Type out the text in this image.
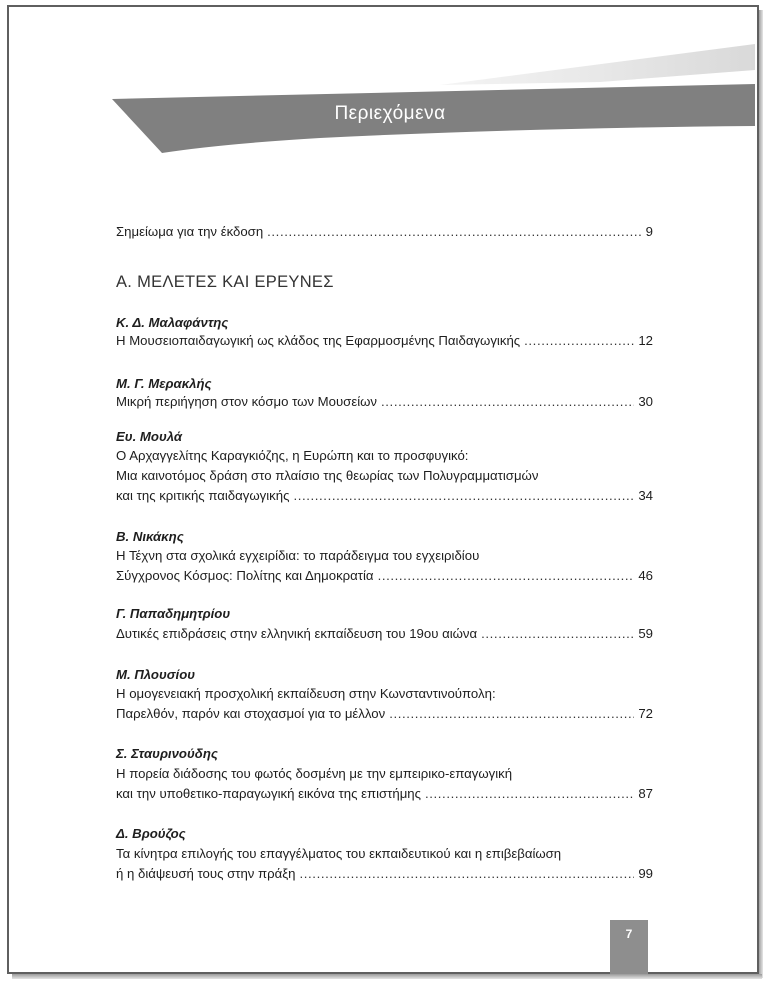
Περιεχόμενα
Σημείωμα για την έκδοση .....	9
Α. ΜΕΛΕΤΕΣ ΚΑΙ ΕΡΕΥΝΕΣ
Κ. Δ. Μαλαφάντης
Η Μουσειοπαιδαγωγική ως κλάδος της Εφαρμοσμένης Παιδαγωγικής .....	12
Μ. Γ. Μερακλής
Μικρή περιήγηση στον κόσμο των Μουσείων .....	30
Ευ. Μουλά
Ο Αρχαγγελίτης Καραγκιόζης, η Ευρώπη και το προσφυγικό:
Μια καινοτόμος δράση στο πλαίσιο της θεωρίας των Πολυγραμματισμών
και της κριτικής παιδαγωγικής .....	34
Β. Νικάκης
Η Τέχνη στα σχολικά εγχειρίδια: το παράδειγμα του εγχειριδίου
Σύγχρονος Κόσμος: Πολίτης και Δημοκρατία .....	46
Γ. Παπαδημητρίου
Δυτικές επιδράσεις στην ελληνική εκπαίδευση του 19ου αιώνα .....	59
Μ. Πλουσίου
Η ομογενειακή προσχολική εκπαίδευση στην Κωνσταντινούπολη:
Παρελθόν, παρόν και στοχασμοί για το μέλλον .....	72
Σ. Σταυρινούδης
Η πορεία διάδοσης του φωτός δοσμένη με την εμπειρικο-επαγωγική
και την υποθετικο-παραγωγική εικόνα της επιστήμης .....	87
Δ. Βρούζος
Τα κίνητρα επιλογής του επαγγέλματος του εκπαιδευτικού και η επιβεβαίωση
ή η διάψευσή τους στην πράξη .....	99
7
